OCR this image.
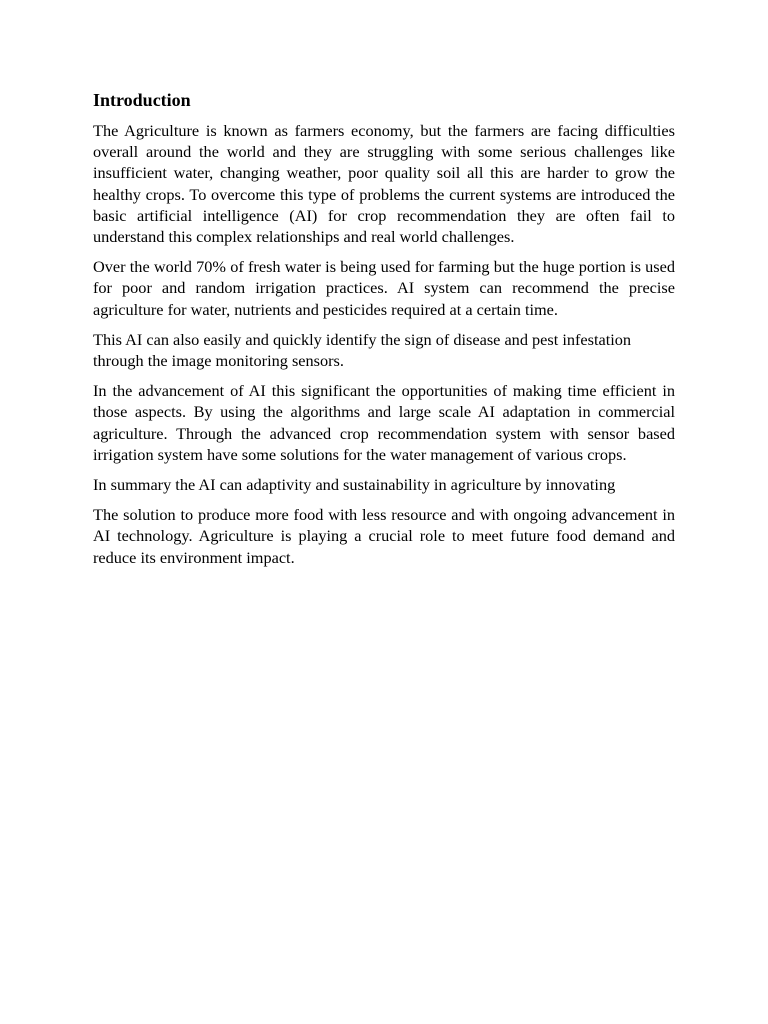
Introduction

The Agriculture is known as farmers economy, but the farmers are facing difficulties overall around the world and they are struggling with some serious challenges like insufficient water, changing weather, poor quality soil all this are harder to grow the healthy crops. To overcome this type of problems the current systems are introduced the basic artificial intelligence (AI) for crop recommendation they are often fail to understand this complex relationships and real world challenges.

Over the world 70% of fresh water is being used for farming but the huge portion is used for poor and random irrigation practices. AI system can recommend the precise agriculture for water, nutrients and pesticides required at a certain time.

This AI can also easily and quickly identify the sign of disease and pest infestation through the image monitoring sensors.

In the advancement of AI this significant the opportunities of making time efficient in those aspects. By using the algorithms and large scale AI adaptation in commercial agriculture. Through the advanced crop recommendation system with sensor based irrigation system have some solutions for the water management of various crops.

In summary the AI can adaptivity and sustainability in agriculture by innovating

The solution to produce more food with less resource and with ongoing advancement in AI technology. Agriculture is playing a crucial role to meet future food demand and reduce its environment impact.
